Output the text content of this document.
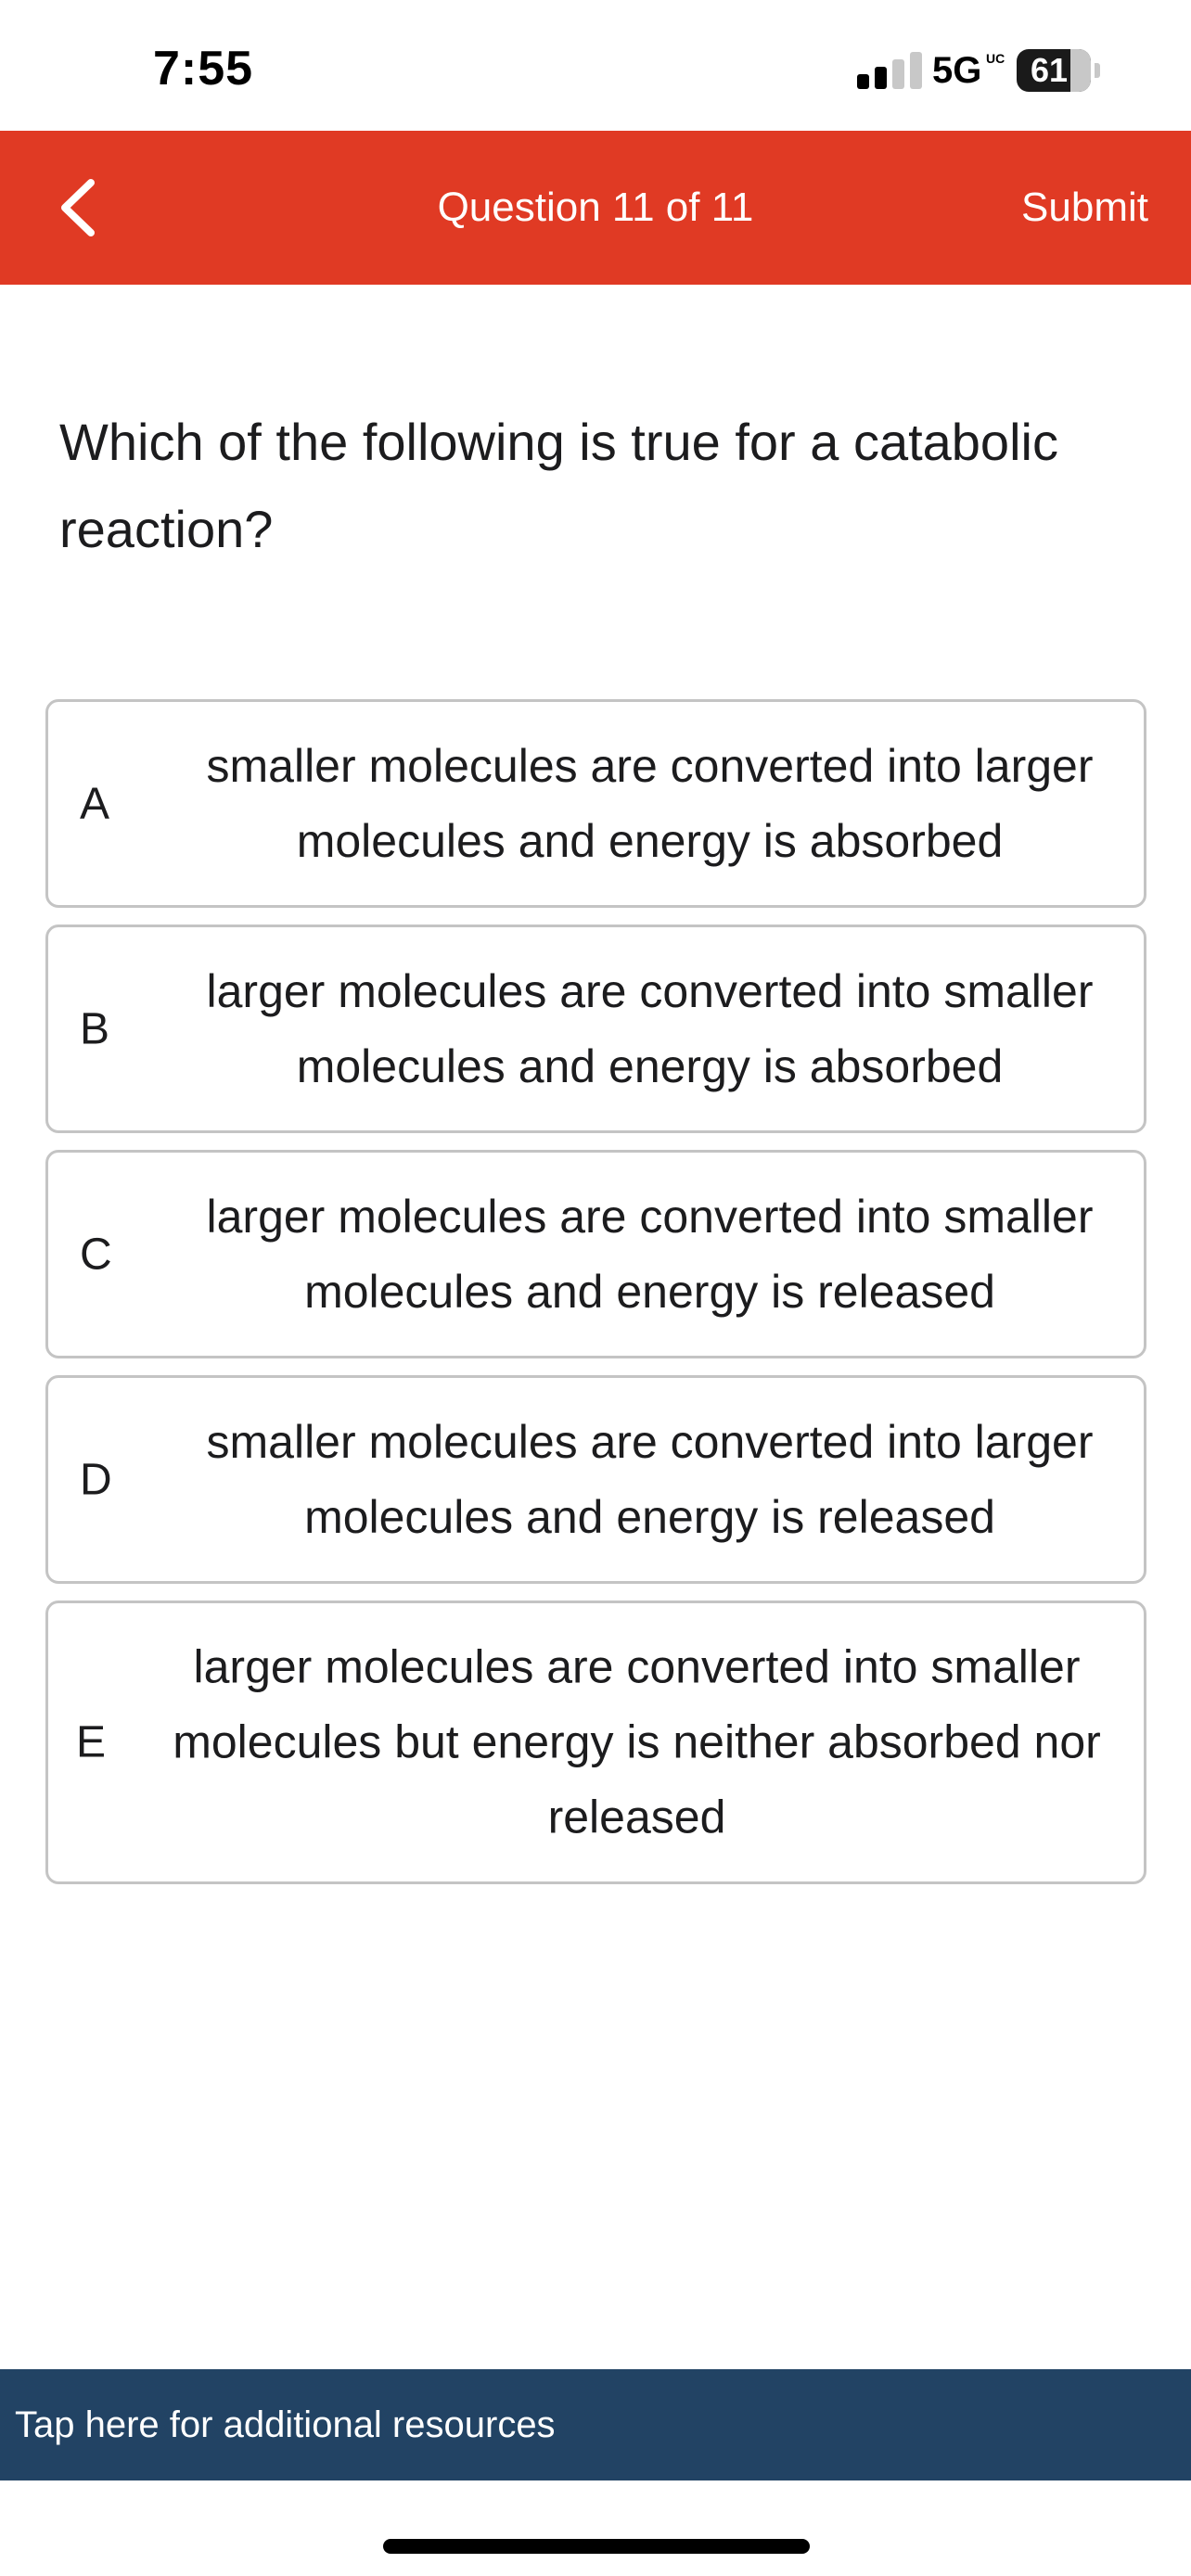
7:55	5G UC 61
Question 11 of 11	Submit
Which of the following is true for a catabolic reaction?
A
smaller molecules are converted into larger molecules and energy is absorbed
B
larger molecules are converted into smaller molecules and energy is absorbed
C
larger molecules are converted into smaller molecules and energy is released
D
smaller molecules are converted into larger molecules and energy is released
E
larger molecules are converted into smaller molecules but energy is neither absorbed nor released
Tap here for additional resources
